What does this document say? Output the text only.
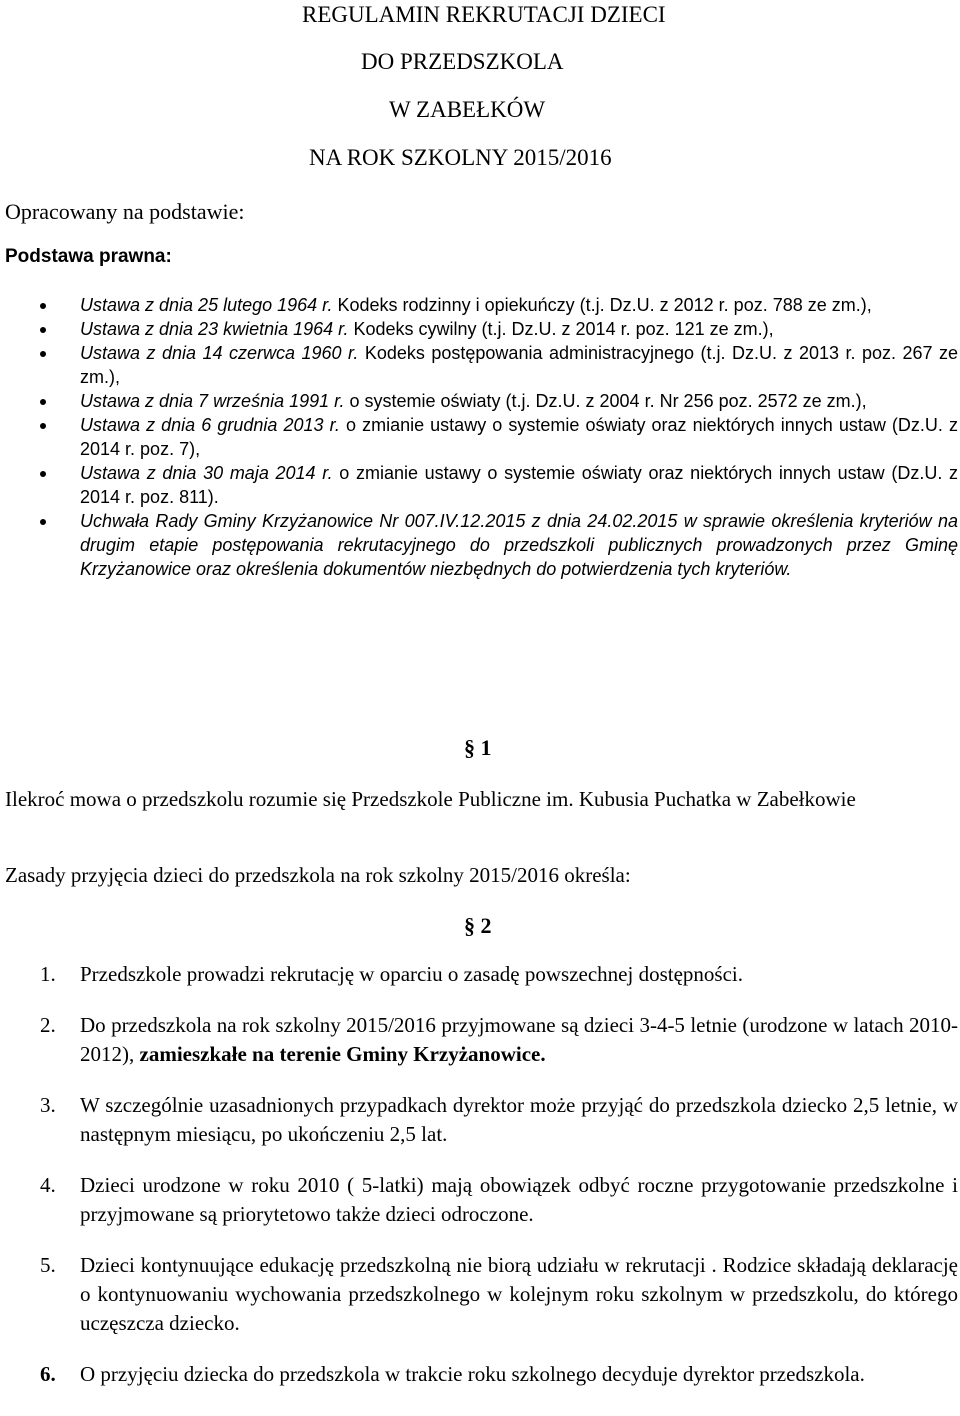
REGULAMIN REKRUTACJI DZIECI
DO PRZEDSZKOLA
W ZABEŁKÓW
NA ROK SZKOLNY 2015/2016
Opracowany na podstawie:
Podstawa prawna:
Ustawa z dnia 25 lutego 1964 r. Kodeks rodzinny i opiekuńczy (t.j. Dz.U. z 2012 r. poz. 788 ze zm.),
Ustawa z dnia 23 kwietnia 1964 r. Kodeks cywilny (t.j. Dz.U. z 2014 r. poz. 121 ze zm.),
Ustawa z dnia 14 czerwca 1960 r. Kodeks postępowania administracyjnego (t.j. Dz.U. z 2013 r. poz. 267 ze zm.),
Ustawa z dnia 7 września 1991 r. o systemie oświaty (t.j. Dz.U. z 2004 r. Nr 256 poz. 2572 ze zm.),
Ustawa z dnia 6 grudnia 2013 r. o zmianie ustawy o systemie oświaty oraz niektórych innych ustaw (Dz.U. z 2014 r. poz. 7),
Ustawa z dnia 30 maja 2014 r. o zmianie ustawy o systemie oświaty oraz niektórych innych ustaw (Dz.U. z 2014 r. poz. 811).
Uchwała Rady Gminy Krzyżanowice Nr 007.IV.12.2015 z dnia 24.02.2015 w sprawie określenia kryteriów na drugim etapie postępowania rekrutacyjnego do przedszkoli publicznych prowadzonych przez Gminę Krzyżanowice oraz określenia dokumentów niezbędnych do potwierdzenia tych kryteriów.
§ 1
Ilekroć mowa o przedszkolu rozumie się Przedszkole Publiczne im. Kubusia Puchatka w Zabełkowie
Zasady przyjęcia dzieci do przedszkola na rok szkolny 2015/2016 określa:
§ 2
1. Przedszkole prowadzi rekrutację w oparciu o zasadę powszechnej dostępności.
2. Do przedszkola na rok szkolny 2015/2016 przyjmowane są dzieci 3-4-5 letnie (urodzone w latach 2010-2012), zamieszkałe na terenie Gminy Krzyżanowice.
3. W szczególnie uzasadnionych przypadkach dyrektor może przyjąć do przedszkola dziecko 2,5 letnie, w następnym miesiącu, po ukończeniu 2,5 lat.
4. Dzieci urodzone w roku 2010 ( 5-latki) mają obowiązek odbyć roczne przygotowanie przedszkolne i przyjmowane są priorytetowo także dzieci odroczone.
5. Dzieci kontynuujące edukację przedszkolną nie biorą udziału w rekrutacji . Rodzice składają deklarację o kontynuowaniu wychowania przedszkolnego w kolejnym roku szkolnym w przedszkolu, do którego uczęszcza dziecko.
6. O przyjęciu dziecka do przedszkola w trakcie roku szkolnego decyduje dyrektor przedszkola.
